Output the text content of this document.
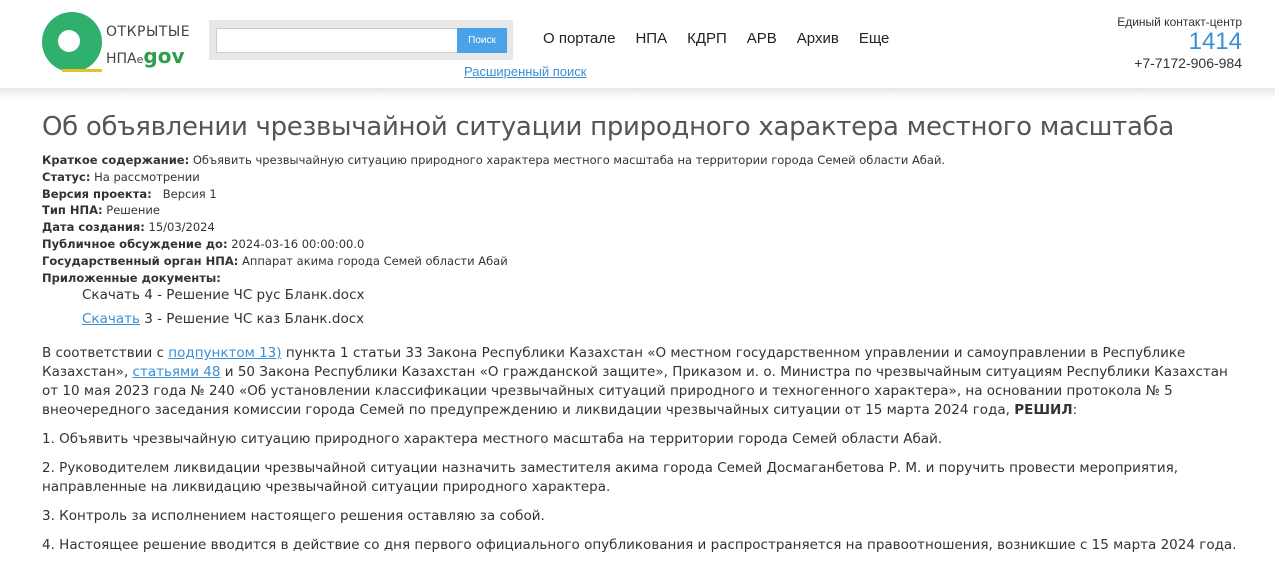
ОТКРЫТЫЕ
НПАegov
Поиск
Расширенный поиск
О портале НПА КДРП АРВ Архив Еще
Единый контакт-центр
1414
+7-7172-906-984
Об объявлении чрезвычайной ситуации природного характера местного масштаба
Краткое содержание: Объявить чрезвычайную ситуацию природного характера местного масштаба на территории города Семей области Абай.
Статус: На рассмотрении
Версия проекта: Версия 1
Тип НПА: Решение
Дата создания: 15/03/2024
Публичное обсуждение до: 2024-03-16 00:00:00.0
Государственный орган НПА: Аппарат акима города Семей области Абай
Приложенные документы:
Скачать 4 - Решение ЧС рус Бланк.docx
Скачать 3 - Решение ЧС каз Бланк.docx
В соответствии с подпунктом 13) пункта 1 статьи 33 Закона Республики Казахстан «О местном государственном управлении и самоуправлении в Республике Казахстан», статьями 48 и 50 Закона Республики Казахстан «О гражданской защите», Приказом и. о. Министра по чрезвычайным ситуациям Республики Казахстан от 10 мая 2023 года № 240 «Об установлении классификации чрезвычайных ситуаций природного и техногенного характера», на основании протокола № 5 внеочередного заседания комиссии города Семей по предупреждению и ликвидации чрезвычайных ситуации от 15 марта 2024 года, РЕШИЛ:
1. Объявить чрезвычайную ситуацию природного характера местного масштаба на территории города Семей области Абай.
2. Руководителем ликвидации чрезвычайной ситуации назначить заместителя акима города Семей Досмаганбетова Р. М. и поручить провести мероприятия, направленные на ликвидацию чрезвычайной ситуации природного характера.
3. Контроль за исполнением настоящего решения оставляю за собой.
4. Настоящее решение вводится в действие со дня первого официального опубликования и распространяется на правоотношения, возникшие с 15 марта 2024 года.
